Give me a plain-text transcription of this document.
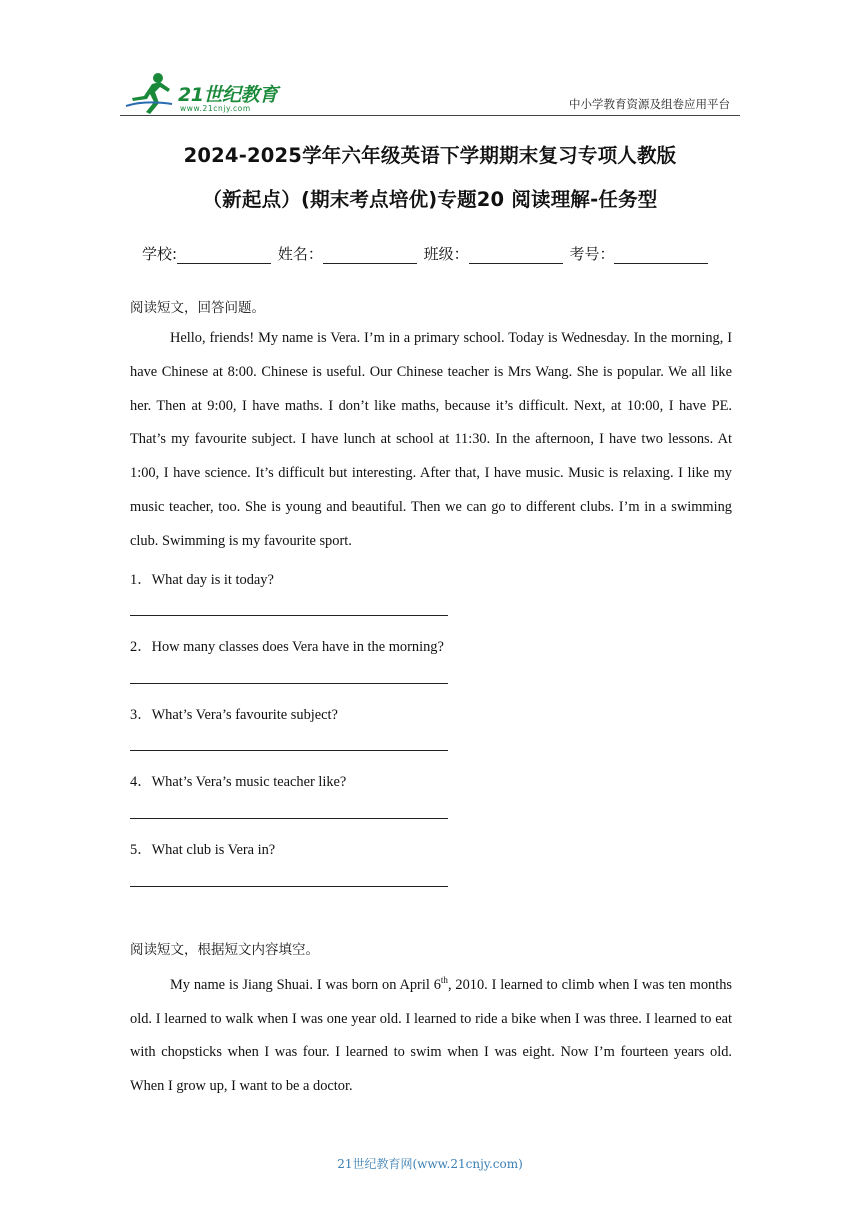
21世纪教育
www.21cnjy.com	中小学教育资源及组卷应用平台
2024-2025学年六年级英语下学期期末复习专项人教版
（新起点）(期末考点培优)专题20 阅读理解-任务型
学校:	姓名：	班级：	考号：
阅读短文，回答问题。
Hello, friends! My name is Vera. I’m in a primary school. Today is Wednesday. In the morning, I have Chinese at 8:00. Chinese is useful. Our Chinese teacher is Mrs Wang. She is popular. We all like her. Then at 9:00, I have maths. I don’t like maths, because it’s difficult. Next, at 10:00, I have PE. That’s my favourite subject. I have lunch at school at 11:30. In the afternoon, I have two lessons. At 1:00, I have science. It’s difficult but interesting. After that, I have music. Music is relaxing. I like my music teacher, too. She is young and beautiful. Then we can go to different clubs. I’m in a swimming club. Swimming is my favourite sport.
1．What day is it today?
2．How many classes does Vera have in the morning?
3．What’s Vera’s favourite subject?
4．What’s Vera’s music teacher like?
5．What club is Vera in?
阅读短文，根据短文内容填空。
My name is Jiang Shuai. I was born on April 6th, 2010. I learned to climb when I was ten months old. I learned to walk when I was one year old. I learned to ride a bike when I was three. I learned to eat with chopsticks when I was four. I learned to swim when I was eight. Now I’m fourteen years old. When I grow up, I want to be a doctor.
21世纪教育网(www.21cnjy.com)
